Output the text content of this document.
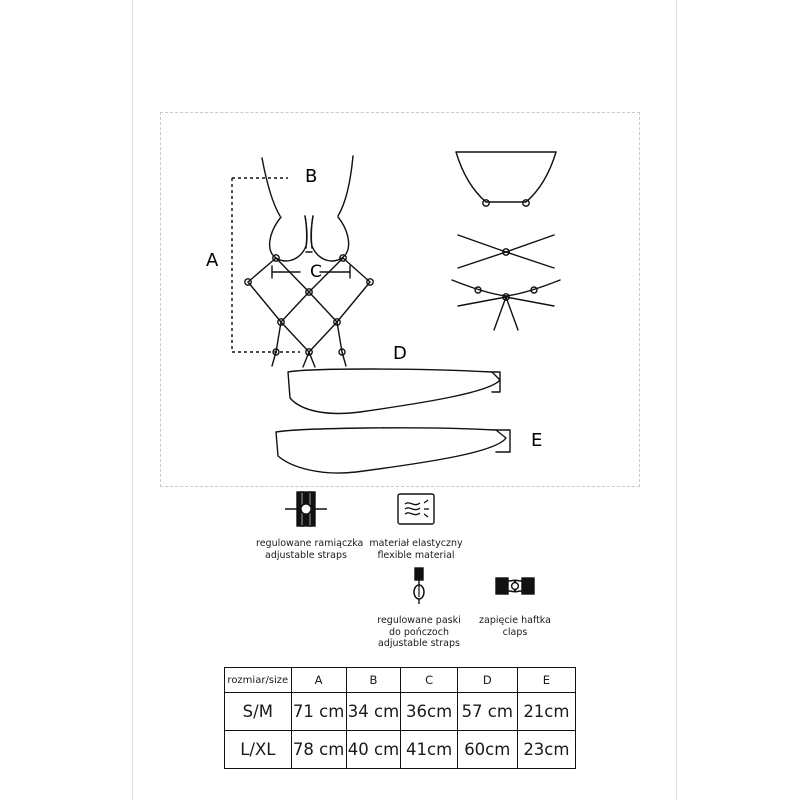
A
B
C
D
E
regulowane ramiączka
adjustable straps
materiał elastyczny
flexible material
regulowane paski
do pończoch
adjustable straps
zapięcie haftka
claps
rozmiar/size	A	B	C	D	E
S/M	71 cm	34 cm	36cm	57 cm	21cm
L/XL	78 cm	40 cm	41cm	60cm	23cm
